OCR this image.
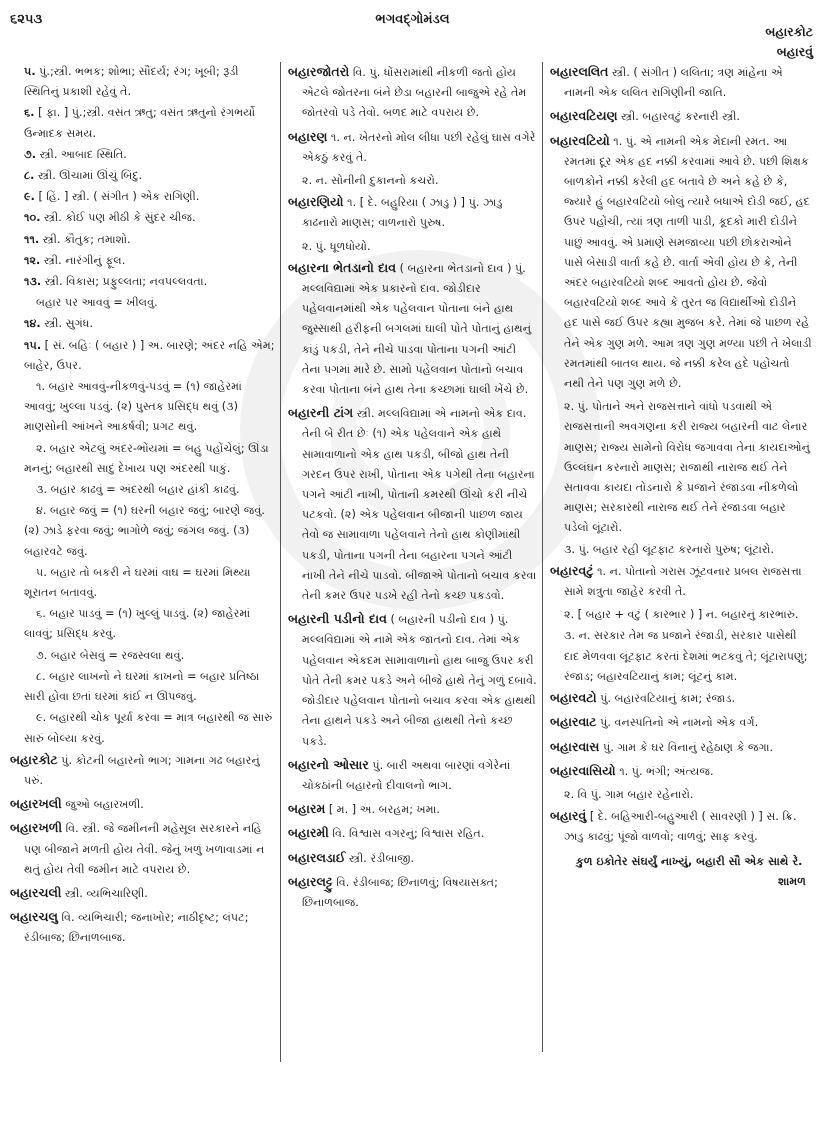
૬૨૫૩	ભગવદ્ગોમંડલ
બહારકોટ
બહારવું
૫. પું.;સ્ત્રી. ભભક; શોભા; સૌંદર્ય; રંગ; ખૂબી; રૂડી સ્થિતિનું પ્રકાશી રહેવું તે.
૬. [ ફા. ] પું.;સ્ત્રી. વસંત ઋતુ; વસંત ઋતુનો રંગભર્યો ઉન્માદક સમય.
૭. સ્ત્રી. આબાદ સ્થિતિ.
૮. સ્ત્રી. ઊંચામાં ઊંચું બિંદુ.
૯. [ હિં. ] સ્ત્રી. ( સંગીત ) એક રાગિણી.
૧૦. સ્ત્રી. કોઈ પણ મીઠી કે સુંદર ચીજ.
૧૧. સ્ત્રી. કૌતુક; તમાશો.
૧૨. સ્ત્રી. નારંગીનું ફૂલ.
૧૩. સ્ત્રી. વિકાસ; પ્રફુલ્લતા; નવપલ્લવતા.
બહાર પર આવવું = ખીલવું.
૧૪. સ્ત્રી. સુગંધ.
૧૫. [ સં. બહિઃ ( બહાર ) ] અ. બારણે; અંદર નહિ એમ; બાહેર, ઉપર.
૧. બહાર આવવું-નીકળવું-પડવું = (૧) જાહેરમાં આવવું; ખુલ્લા પડવું. (૨) પુસ્તક પ્રસિદ્ધ થવું (૩) માણસોની આંખને આકર્ષવી; પ્રગટ થવું.
૨. બહાર એટલું અંદર-ભોંયમાં = બહુ પહોંચેલું; ઊંડા મનનું; બહારથી સાદું દેખાય પણ અંદરથી પાકું.
૩. બહાર કાઢવું = અંદરથી બહાર હાંકી કાઢવું.
૪. બહાર જવું = (૧) ઘરની બહાર જવું; બારણે જવું. (૨) ઝાડે ફરવા જવું; ભાગોળે જવું; જંગલ જવું. (૩) બહારવટે જવું.
૫. બહાર તો બકરી ને ઘરમાં વાઘ = ઘરમાં મિથ્યા શૂરાતન બતાવવું.
૬. બહાર પાડવું = (૧) ખુલ્લું પાડવું. (૨) જાહેરમાં લાવવું; પ્રસિદ્ધ કરવું.
૭. બહાર બેસવું = રજસ્વલા થવું.
૮. બહાર લાખનો ને ઘરમાં કાખનો = બહાર પ્રતિષ્ઠા સારી હોવા છતાં ઘરમાં કાંઈ ન ઊપજવું.
૯. બહારથી ચોક પૂર્યા કરવા = માત્ર બહારથી જ સારું સારું બોલ્યા કરવું.
બહારકોટ પું. કોટની બહારનો ભાગ; ગામના ગઢ બહારનું પરું.
બહારખલી જુઓ બહારખળી.
બહારખળી વિ. સ્ત્રી. જે જમીનની મહેસૂલ સરકારને નહિ પણ બીજાને મળતી હોય તેવી. જેનું ખળું ખળાવાડમાં ન થતું હોય તેવી જમીન માટે વપરાય છે.
બહારચલી સ્ત્રી. વ્યભિચારિણી.
બહારચલુ વિ. વ્યભિચારી; જનાખોર; નાઠીદૃષ્ટ; લંપટ; રંડીબાજ; છિનાળબાજ.
બહારજોતરો વિ. પું. ધોંસરામાંથી નીકળી જતો હોય એટલે જોતરના બંને છેડા બહારની બાજુએ રહે તેમ જોતરવો પડે તેવો. બળદ માટે વપરાય છે.
બહારણ ૧. ન. ખેતરનો મોલ લીધા પછી રહેલું ઘાસ વગેરે એકઠું કરવું તે.
૨. ન. સોનીની દુકાનનો કચરો.
બહારણિયો ૧. [ દે. બહુરિયા ( ઝાડુ ) ] પું. ઝાડુ કાઢનારો માણસ; વાળનારો પુરુષ.
૨. પું. ધૂળધોયો.
બહારના ભેતડાનો દાવ ( બહારના ભેતડાનો દાવ ) પું. મલ્લવિદ્યામાં એક પ્રકારનો દાવ. જોડીદાર પહેલવાનમાંથી એક પહેલવાન પોતાના બંને હાથ જુસ્સાથી હરીફની બગલમાં ઘાલી પોતે પોતાનું હાથનું કાંડું પકડી, તેને નીચે પાડવા પોતાના પગની આંટી તેના પગમાં મારે છે. સામો પહેલવાન પોતાનો બચાવ કરવા પોતાના બંને હાથ તેના કચ્છામાં ઘાલી ખેંચે છે.
બહારની ટાંગ સ્ત્રી. મલ્લવિદ્યામાં એ નામનો એક દાવ. તેની બે રીત છેઃ (૧) એક પહેલવાને એક હાથે સામાવાળાનો એક હાથ પકડી, બીજો હાથ તેની ગરદન ઉપર રાખી, પોતાના એક પગેથી તેના બહારના પગને આંટી નાખી, પોતાની કમરથી ઊંચો કરી નીચે પટકવો. (૨) એક પહેલવાન બીજાની પાછળ જાય તેવો જ સામાવાળા પહેલવાને તેનો હાથ કોણીમાંથી પકડી, પોતાના પગની તેના બહારના પગને આંટી નાખી તેને નીચે પાડવો. બીજાએ પોતાનો બચાવ કરવા તેની કમર ઉપર પડખે રહી તેનો કચ્છ પકડવો.
બહારની પડીનો દાવ ( બહારની પડીનો દાવ ) પું. મલ્લવિદ્યામાં એ નામે એક જાતનો દાવ. તેમાં એક પહેલવાન એકદમ સામાવાળાનો હાથ બાજુ ઉપર કરી પોતે તેની કમર પકડે અને બીજે હાથે તેનું ગળું દબાવે. જોડીદાર પહેલવાન પોતાનો બચાવ કરવા એક હાથથી તેના હાથને પકડે અને બીજા હાથથી તેનો કચ્છ પકડે.
બહારનો ઓસાર પું. બારી અથવા બારણાં વગેરેનાં ચોકઠાંની બહારનો દીવાલનો ભાગ.
બહારમ [ મ. ] અ. બરહમ; ખમા.
બહારમી વિ. વિશ્વાસ વગરનું; વિશ્વાસ રહિત.
બહારલડાઈ સ્ત્રી. રંડીબાજી.
બહારલટ્ટુ વિ. રંડીબાજ; છિનાળવું; વિષયાસક્ત; છિનાળબાજ.
બહારલલિત સ્ત્રી. ( સંગીત ) લલિતા; ત્રણ માંહેના એ નામની એક લલિત રાગિણીની જાતિ.
બહારવટિયણ સ્ત્રી. બહારવટું કરનારી સ્ત્રી.
બહારવટિયો ૧. પું. એ નામની એક મેદાની રમત. આ રમતમાં દૂર એક હદ નક્કી કરવામાં આવે છે. પછી શિક્ષક બાળકોને નક્કી કરેલી હદ બતાવે છે અને કહે છે કે, જ્યારે હું બહારવટિયો બોલું ત્યારે બધાએ દોડી જઈ, હદ ઉપર પહોંચી, ત્યાં ત્રણ તાળી પાડી, કૂદકો મારી દોડીને પાછું આવવું. એ પ્રમાણે સમજાવ્યા પછી છોકરાઓને પાસે બેસાડી વાર્તા કહે છે. વાર્તા એવી હોય છે કે, તેની અંદર બહારવટિયો શબ્દ આવતો હોય છે. જેવો બહારવટિયો શબ્દ આવે કે તુરત જ વિદ્યાર્થીઓ દોડીને હદ પાસે જઈ ઉપર કહ્યા મુજબ કરે. તેમાં જે પાછળ રહે તેને એક ગુણ મળે. આમ ત્રણ ગુણ મળ્યા પછી તે ખેલાડી રમતમાંથી બાતલ થાય. જે નક્કી કરેલ હદે પહોંચતો નથી તેને પણ ગુણ મળે છે.
૨. પું. પોતાને અને રાજસત્તાને વાંધો પડવાથી એ રાજસત્તાની અવગણના કરી રાજ્ય બહારની વાટ લેનાર માણસ; રાજ્ય સામેનો વિરોધ જગાવવા તેના કાયદાઓનું ઉલ્લંઘન કરનારો માણસ; રાજાથી નારાજ થઈ તેને સતાવવા કાયદા તોડનારો કે પ્રજાને રંજાડવા નીકળેલો માણસ; સરકારથી નારાજ થઈ તેને રંજાડવા બહાર પડેલો લૂંટારો.
૩. પું. બહાર રહી લૂંટફાટ કરનારો પુરુષ; લૂંટારો.
બહારવટું ૧. ન. પોતાનો ગરાસ ઝૂંટવનાર પ્રબલ રાજસત્તા સામે શત્રુતા જાહેર કરવી તે.
૨. [ બહાર + વટું ( કારભાર ) ] ન. બહારનું કારભારું.
૩. ન. સરકાર તેમ જ પ્રજાને રંજાડી, સરકાર પાસેથી દાદ મેળવવા લૂંટફાટ કરતાં દેશમાં ભટકવું તે; લૂંટારાપણું; રંજાડ; બહારવટિયાનું કામ; લૂંટનું કામ.
બહારવટો પું. બહારવટિયાનું કામ; રંજાડ.
બહારવાટ પું. વનસ્પતિનો એ નામનો એક વર્ગ.
બહારવાસ પું. ગામ કે ઘર વિનાનું રહેઠાણ કે જગા.
બહારવાસિયો ૧. પું. ભંગી; અંત્યજ.
૨. વિ પું. ગામ બહાર રહેનારો.
બહારવું [ દે. બહિઆરી-બહુઆરી ( સાવરણી ) ] સ. ક્રિ. ઝાડુ કાઢવું; પૂંજો વાળવો; વાળવું; સાફ કરવું.
કુળ ઇકોતેર સંઘર્યું નાખ્યું, બહારી સૌ એક સાથે રે.
શામળ
